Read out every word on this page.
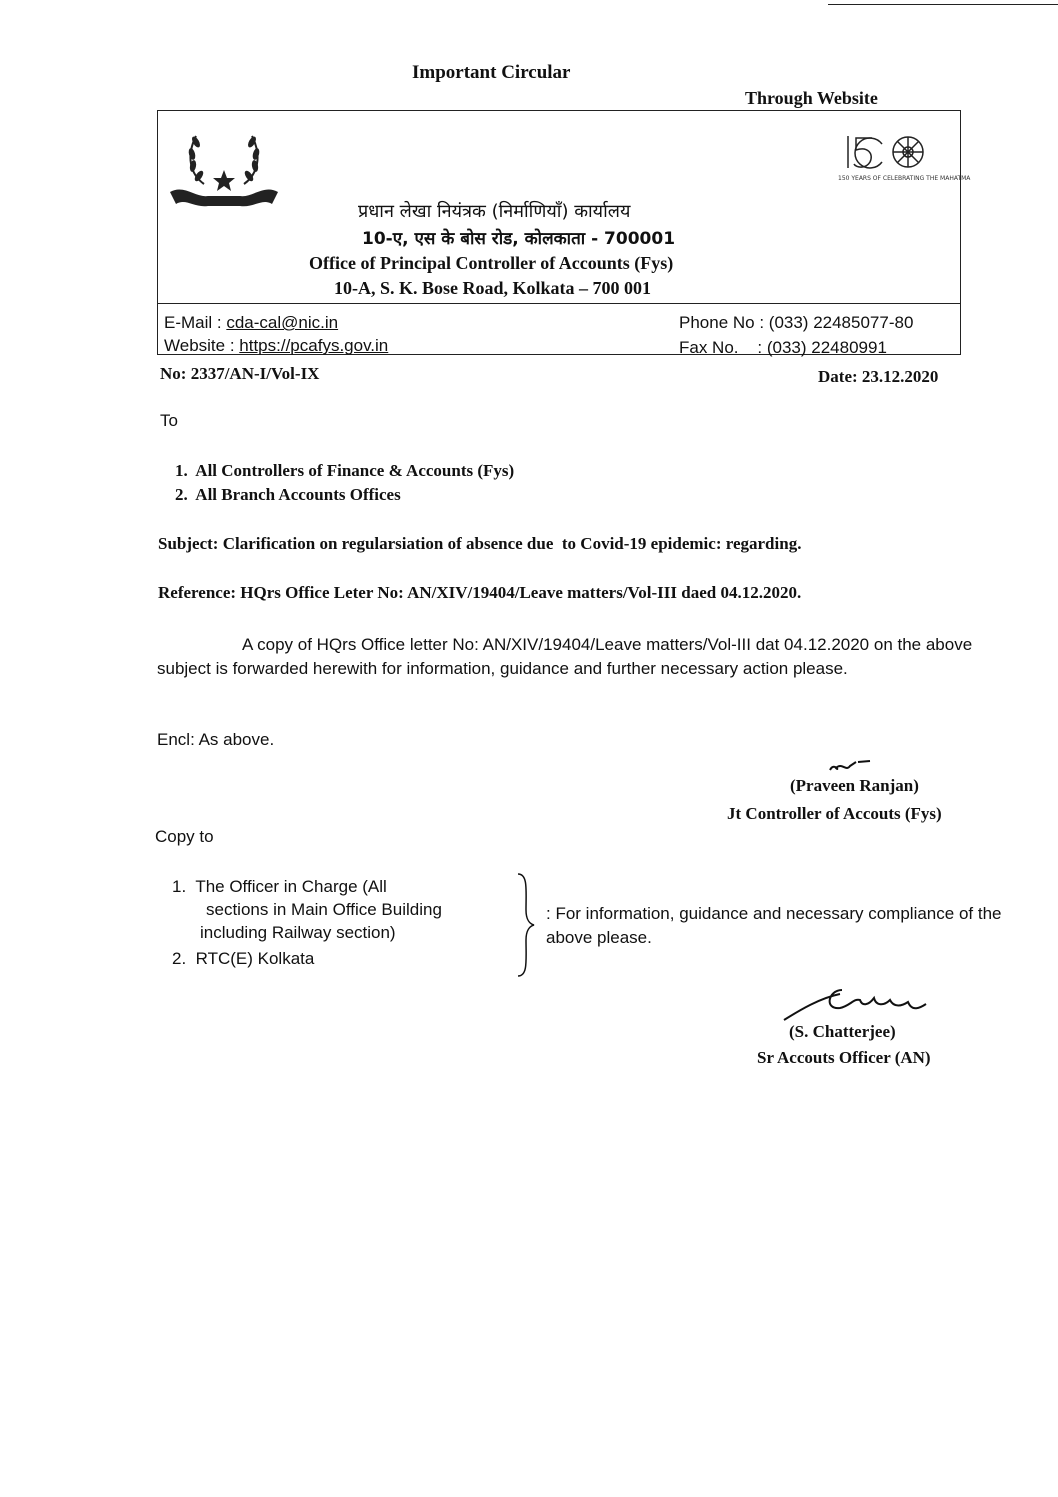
Important Circular
Through Website
150 YEARS OF CELEBRATING THE MAHATMA
प्रधान लेखा नियंत्रक (निर्माणियाँ) कार्यालय
10-ए, एस के बोस रोड, कोलकाता - 700001
Office of Principal Controller of Accounts (Fys)
10-A, S. K. Bose Road, Kolkata – 700 001
E-Mail : cda-cal@nic.in
Website : https://pcafys.gov.in
Phone No : (033) 22485077-80
Fax No.    : (033) 22480991
No: 2337/AN-I/Vol-IX	Date: 23.12.2020
To
1.  All Controllers of Finance & Accounts (Fys)
2.  All Branch Accounts Offices
Subject: Clarification on regularsiation of absence due  to Covid-19 epidemic: regarding.
Reference: HQrs Office Leter No: AN/XIV/19404/Leave matters/Vol-III daed 04.12.2020.
A copy of HQrs Office letter No: AN/XIV/19404/Leave matters/Vol-III dat 04.12.2020 on the above subject is forwarded herewith for information, guidance and further necessary action please.
Encl: As above.
(Praveen Ranjan)
Jt Controller of Accouts (Fys)
Copy to
1.  The Officer in Charge (All
sections in Main Office Building
including Railway section)
2.  RTC(E) Kolkata
: For information, guidance and necessary compliance of the above please.
(S. Chatterjee)
Sr Accouts Officer (AN)
